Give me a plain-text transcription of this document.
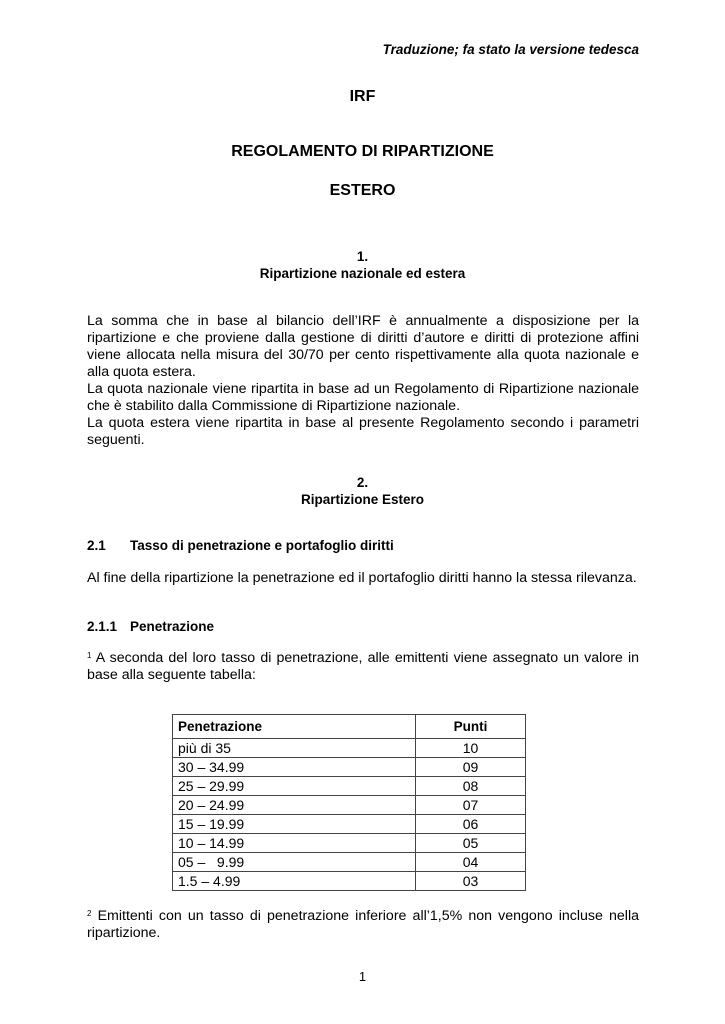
Traduzione; fa stato la versione tedesca
IRF
REGOLAMENTO DI RIPARTIZIONE
ESTERO
1.
Ripartizione nazionale ed estera

La somma che in base al bilancio dell’IRF è annualmente a disposizione per la ripartizione e che proviene dalla gestione di diritti d’autore e diritti di protezione affini viene allocata nella misura del 30/70 per cento rispettivamente alla quota nazionale e alla quota estera.

La quota nazionale viene ripartita in base ad un Regolamento di Ripartizione nazionale che è stabilito dalla Commissione di Ripartizione nazionale.

La quota estera viene ripartita in base al presente Regolamento secondo i parametri seguenti.

2.
Ripartizione Estero
2.1 Tasso di penetrazione e portafoglio diritti

Al fine della ripartizione la penetrazione ed il portafoglio diritti hanno la stessa rilevanza.

2.1.1 Penetrazione

$^1$ A seconda del loro tasso di penetrazione, alle emittenti viene assegnato un valore in base alla seguente tabella:

Penetrazione	Punti
più di 35	10
30 – 34.99	09
25 – 29.99	08
20 – 24.99	07
15 – 19.99	06
10 – 14.99	05
05 –   9.99	04
1.5 – 4.99	03

$^2$ Emittenti con un tasso di penetrazione inferiore all’1,5% non vengono incluse nella ripartizione.

1
